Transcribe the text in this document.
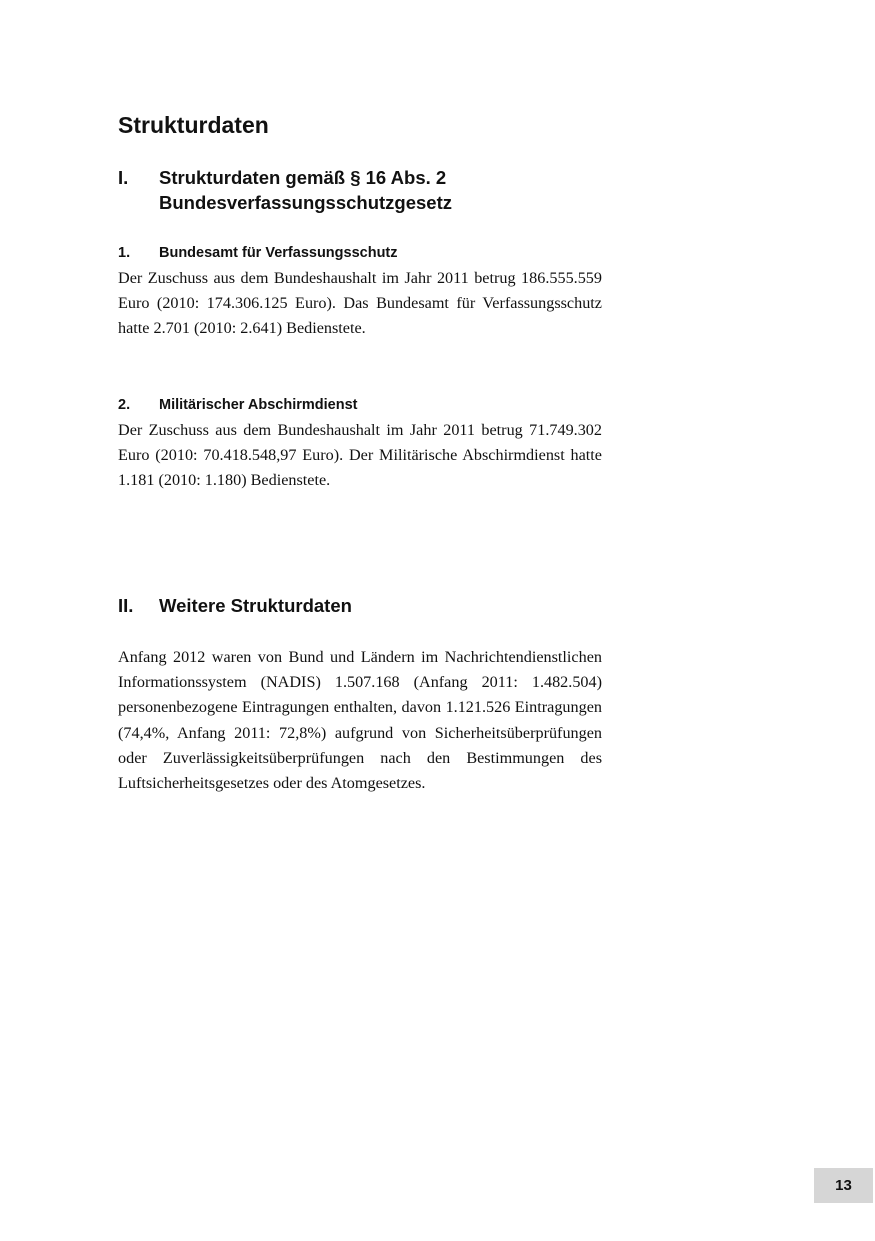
Strukturdaten
I.	Strukturdaten gemäß § 16 Abs. 2 Bundesverfassungsschutzgesetz
1.	Bundesamt für Verfassungsschutz

Der Zuschuss aus dem Bundeshaushalt im Jahr 2011 betrug 186.555.559 Euro (2010: 174.306.125 Euro). Das Bundesamt für Verfassungsschutz hatte 2.701 (2010: 2.641) Bedienstete.

2.	Militärischer Abschirmdienst

Der Zuschuss aus dem Bundeshaushalt im Jahr 2011 betrug 71.749.302 Euro (2010: 70.418.548,97 Euro). Der Militärische Abschirmdienst hatte 1.181 (2010: 1.180) Bedienstete.

II.	Weitere Strukturdaten

Anfang 2012 waren von Bund und Ländern im Nachrichtendienstlichen Informationssystem (NADIS) 1.507.168 (Anfang 2011: 1.482.504) personenbezogene Eintragungen enthalten, davon 1.121.526 Eintragungen (74,4%, Anfang 2011: 72,8%) aufgrund von Sicherheitsüberprüfungen oder Zuverlässigkeitsüberprüfungen nach den Bestimmungen des Luftsicherheitsgesetzes oder des Atomgesetzes.

13
